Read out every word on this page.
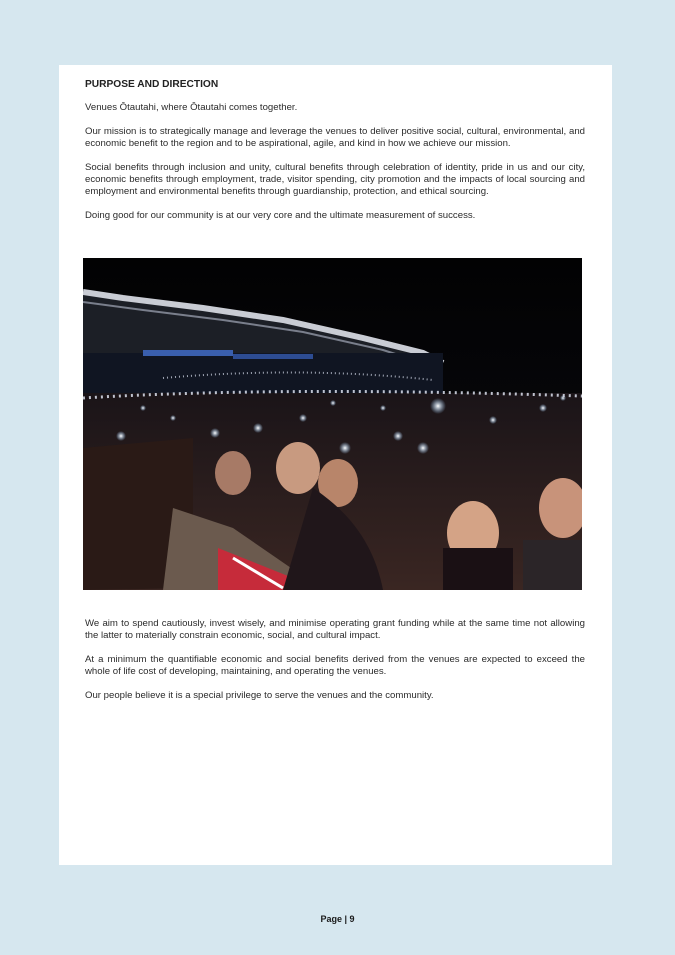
PURPOSE AND DIRECTION

Venues Ōtautahi, where Ōtautahi comes together.

Our mission is to strategically manage and leverage the venues to deliver positive social, cultural, environmental, and economic benefit to the region and to be aspirational, agile, and kind in how we achieve our mission.

Social benefits through inclusion and unity, cultural benefits through celebration of identity, pride in us and our city, economic benefits through employment, trade, visitor spending, city promotion and the impacts of local sourcing and employment and environmental benefits through guardianship, protection, and ethical sourcing.

Doing good for our community is at our very core and the ultimate measurement of success.

We aim to spend cautiously, invest wisely, and minimise operating grant funding while at the same time not allowing the latter to materially constrain economic, social, and cultural impact.

At a minimum the quantifiable economic and social benefits derived from the venues are expected to exceed the whole of life cost of developing, maintaining, and operating the venues.

Our people believe it is a special privilege to serve the venues and the community.

Page | 9
